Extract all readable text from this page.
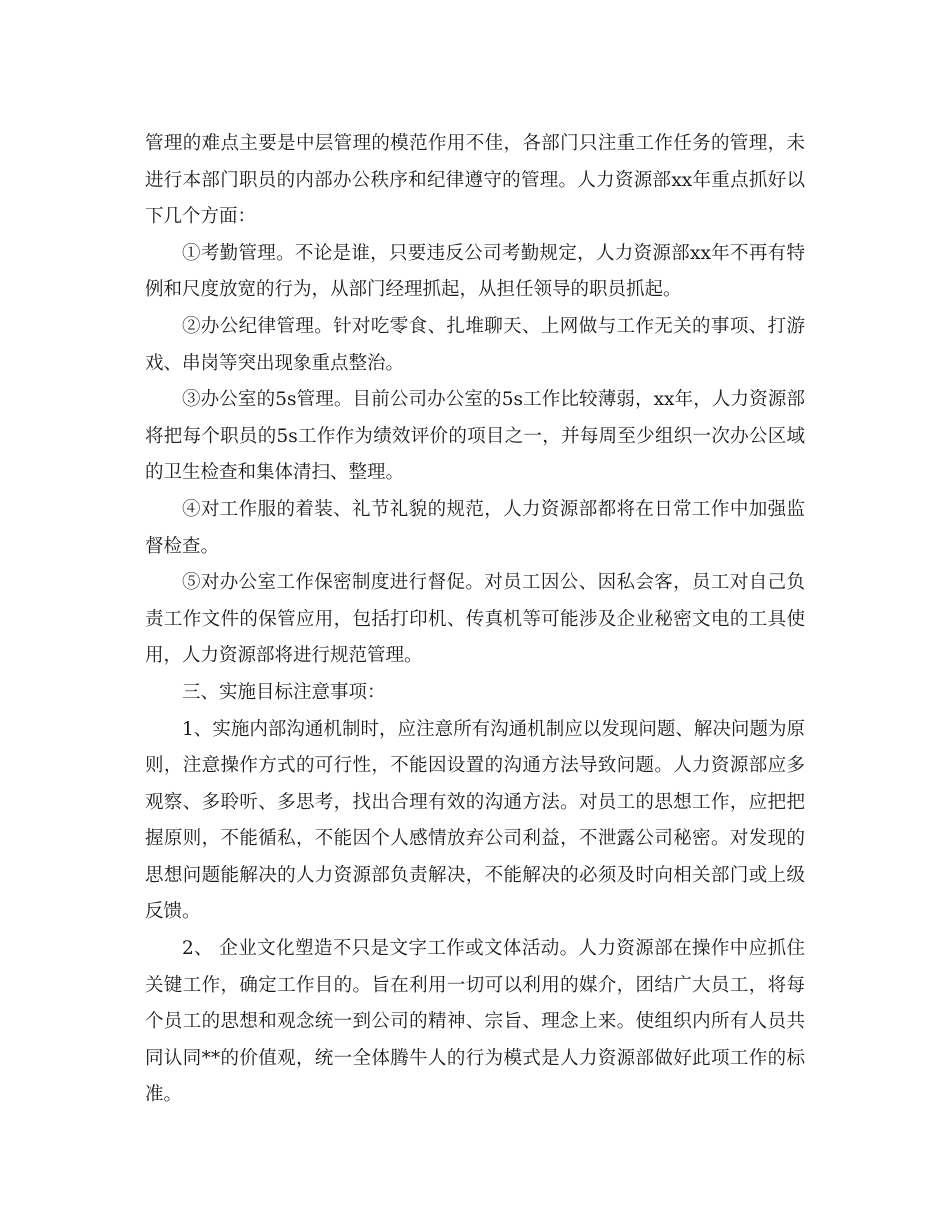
管理的难点主要是中层管理的模范作用不佳，各部门只注重工作任务的管理，未进行本部门职员的内部办公秩序和纪律遵守的管理。人力资源部xx年重点抓好以下几个方面：

①考勤管理。不论是谁，只要违反公司考勤规定，人力资源部xx年不再有特例和尺度放宽的行为，从部门经理抓起，从担任领导的职员抓起。

②办公纪律管理。针对吃零食、扎堆聊天、上网做与工作无关的事项、打游戏、串岗等突出现象重点整治。

③办公室的5s管理。目前公司办公室的5s工作比较薄弱，xx年，人力资源部将把每个职员的5s工作作为绩效评价的项目之一，并每周至少组织一次办公区域的卫生检查和集体清扫、整理。

④对工作服的着装、礼节礼貌的规范，人力资源部都将在日常工作中加强监督检查。

⑤对办公室工作保密制度进行督促。对员工因公、因私会客，员工对自己负责工作文件的保管应用，包括打印机、传真机等可能涉及企业秘密文电的工具使用，人力资源部将进行规范管理。

三、实施目标注意事项：

1、实施内部沟通机制时，应注意所有沟通机制应以发现问题、解决问题为原则，注意操作方式的可行性，不能因设置的沟通方法导致问题。人力资源部应多观察、多聆听、多思考，找出合理有效的沟通方法。对员工的思想工作，应把把握原则，不能循私，不能因个人感情放弃公司利益，不泄露公司秘密。对发现的思想问题能解决的人力资源部负责解决，不能解决的必须及时向相关部门或上级反馈。

2、 企业文化塑造不只是文字工作或文体活动。人力资源部在操作中应抓住关键工作，确定工作目的。旨在利用一切可以利用的媒介，团结广大员工，将每个员工的思想和观念统一到公司的精神、宗旨、理念上来。使组织内所有人员共同认同**的价值观，统一全体腾牛人的行为模式是人力资源部做好此项工作的标准。
